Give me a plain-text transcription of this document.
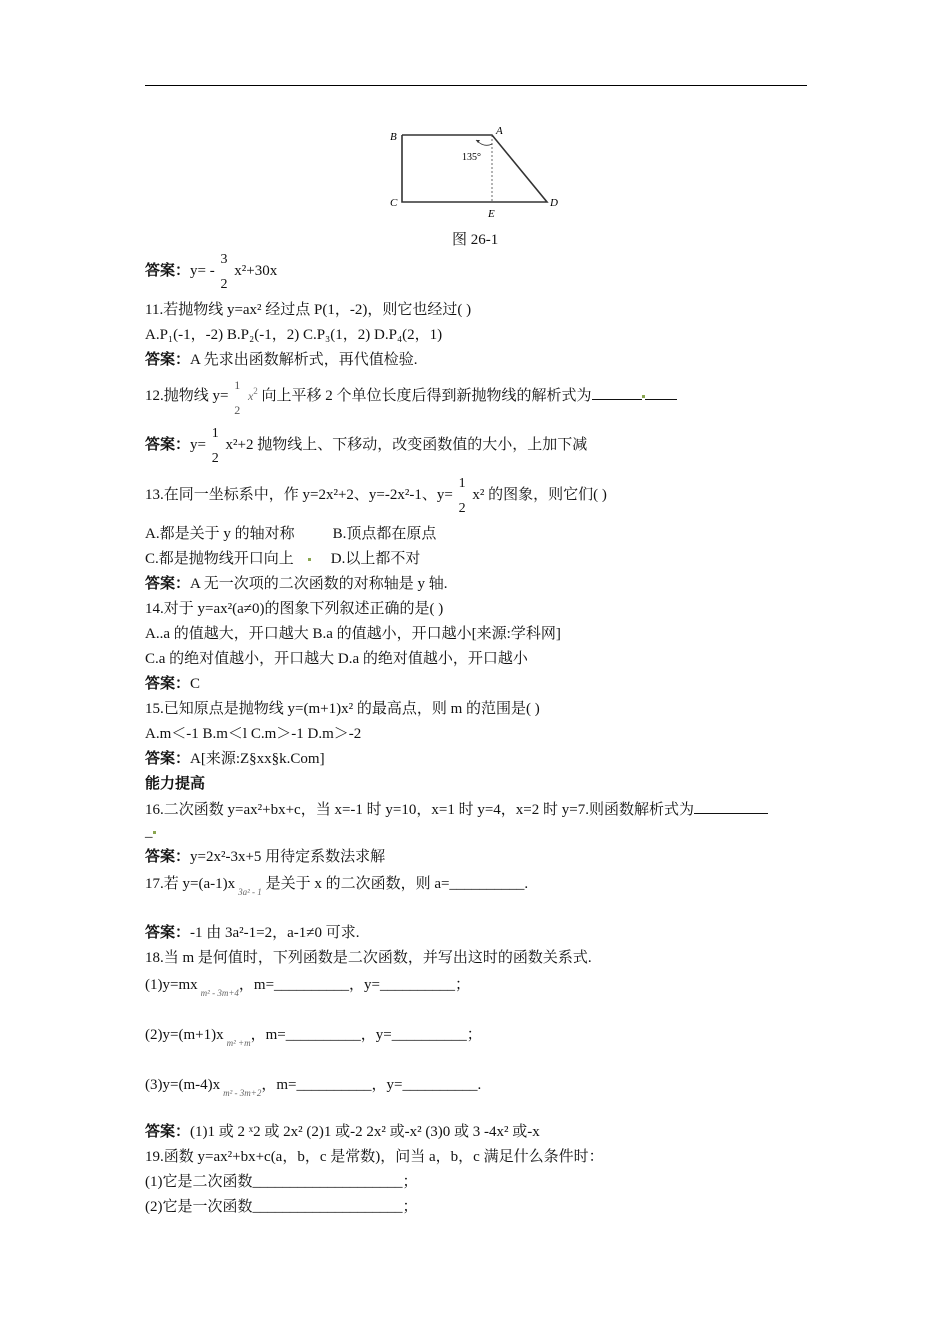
B	A
C	D
E
135°
图 26-1
答案：y= -
3
2
x²+30x
11.若抛物线 y=ax² 经过点 P(1，-2)，则它也经过( )
A.P₁(-1，-2) B.P₂(-1，2) C.P₃(1，2) D.P₄(2，1)
答案：A 先求出函数解析式，再代值检验.
12.抛物线 y=
1
2
$x^2$ 向上平移 2 个单位长度后得到新抛物线的解析式为
答案：y=
1
2
x²+2 抛物线上、下移动，改变函数值的大小，上加下减
13.在同一坐标系中，作 y=2x²+2、y=-2x²-1、y=
1
2
x² 的图象，则它们( )
A.都是关于 y 的轴对称	B.顶点都在原点
C.都是抛物线开口向上 D.以上都不对
答案：A 无一次项的二次函数的对称轴是 y 轴.
14.对于 y=ax²(a≠0)的图象下列叙述正确的是( )
A..a 的值越大，开口越大 B.a 的值越小，开口越小[来源:学科网]
C.a 的绝对值越小，开口越大 D.a 的绝对值越小，开口越小
答案：C
15.已知原点是抛物线 y=(m+1)x² 的最高点，则 m 的范围是( )
A.m＜-1 B.m＜l C.m＞-1 D.m＞-2
答案：A[来源:Z§xx§k.Com]
能力提高
16.二次函数 y=ax²+bx+c，当 x=-1 时 y=10，x=1 时 y=4，x=2 时 y=7.则函数解析式为
_
答案：y=2x²-3x+5 用待定系数法求解
17.若 y=(a-1)x $_{3a^2 - 1}$ 是关于 x 的二次函数，则 a=__________.
答案：-1 由 3a²-1=2，a-1≠0 可求.
18.当 m 是何值时，下列函数是二次函数，并写出这时的函数关系式.
(1)y=mx $_{m^2 - 3m+4}$，m=__________，y=__________；
(2)y=(m+1)x $_{m^2 +m}$，m=__________，y=__________；
(3)y=(m-4)x $_{m^2 - 3m+2}$，m=__________，y=__________.
答案：(1)1 或 2 ˣ2 或 2x² (2)1 或-2 2x² 或-x² (3)0 或 3 -4x² 或-x
19.函数 y=ax²+bx+c(a，b，c 是常数)，问当 a，b，c 满足什么条件时：
(1)它是二次函数____________________；
(2)它是一次函数____________________；
